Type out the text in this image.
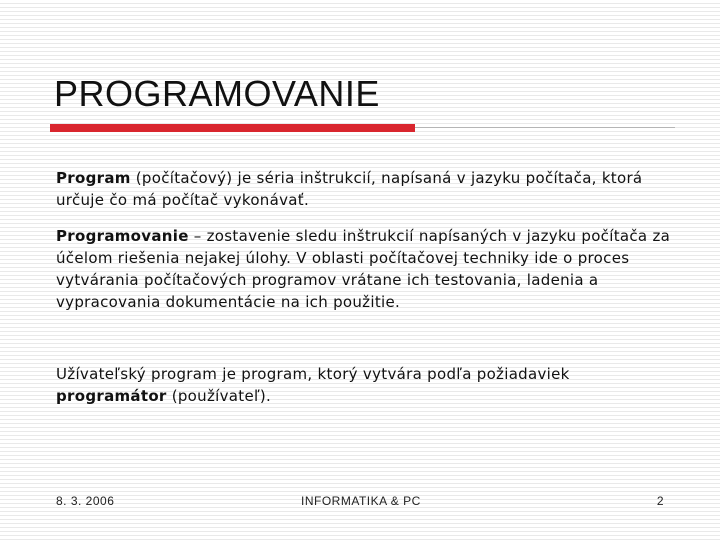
PROGRAMOVANIE

Program (počítačový) je séria inštrukcií, napísaná v jazyku počítača, ktorá určuje čo má počítač vykonávať.

Programovanie – zostavenie sledu inštrukcií napísaných v jazyku počítača za účelom riešenia nejakej úlohy. V oblasti počítačovej techniky ide o proces vytvárania počítačových programov vrátane ich testovania, ladenia a vypracovania dokumentácie na ich použitie.

Užívateľský program je program, ktorý vytvára podľa požiadaviek programátor (používateľ).

8. 3. 2006	INFORMATIKA & PC	2
